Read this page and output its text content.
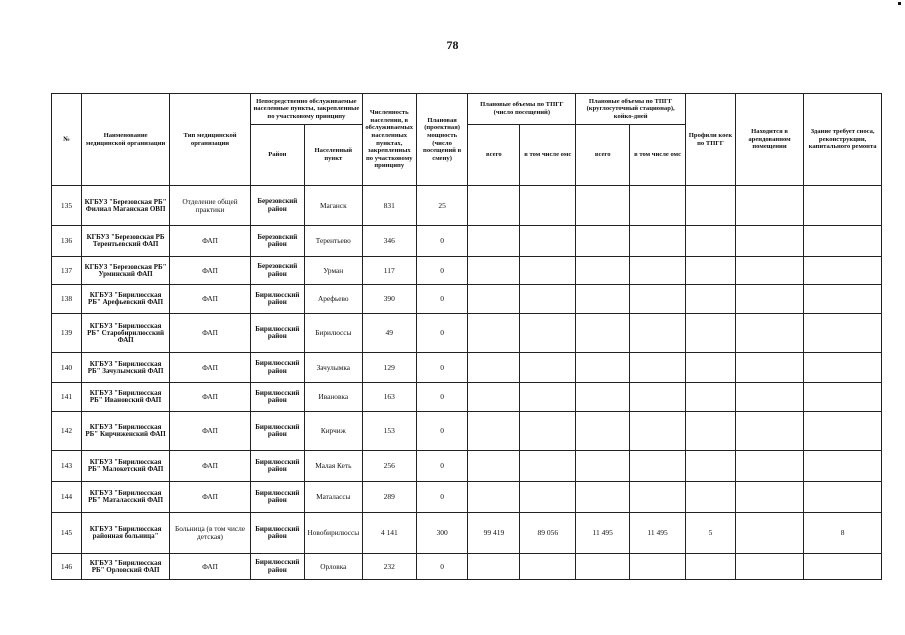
78
№	Наименование медицинской организации	Тип медицинской организации	Непосредственно обслуживаемые населенные пункты, закрепленные по участковому принципу		Численность населения, в обслуживаемых населенных пунктах, закрепленных по участковому принципу	Плановая (проектная) мощность (число посещений в смену)	Плановые объемы по ТПГГ (число посещений)		Плановые объемы по ТПГГ (круглосуточный стационар), койко-дней		Профили коек по ТПГГ	Находится в арендованном помещении	Здание требует сноса, реконструкции, капитального ремонта
			Район	Населенный пункт			всего	в том числе омс	всего	в том числе омс			
135	КГБУЗ "Березовская РБ" Филиал Маганская ОВП	Отделение общей практики	Березовский район	Маганск	831	25							
136	КГБУЗ "Березовская РБ Терентьевский ФАП	ФАП	Березовский район	Терентьево	346	0							
137	КГБУЗ "Березовская РБ" Урминский ФАП	ФАП	Березовский район	Урман	117	0							
138	КГБУЗ "Бирилюсская РБ" Арефьевский ФАП	ФАП	Бирилюсский район	Арефьево	390	0							
139	КГБУЗ "Бирилюсская РБ" Старобирилюсский ФАП	ФАП	Бирилюсский район	Бирилюссы	49	0							
140	КГБУЗ "Бирилюсская РБ" Зачулымский ФАП	ФАП	Бирилюсский район	Зачулымка	129	0							
141	КГБУЗ "Бирилюсская РБ" Ивановский ФАП	ФАП	Бирилюсский район	Ивановка	163	0							
142	КГБУЗ "Бирилюсская РБ" Кирчиженский ФАП	ФАП	Бирилюсский район	Кирчиж	153	0							
143	КГБУЗ "Бирилюсская РБ" Малокетский ФАП	ФАП	Бирилюсский район	Малая Кеть	256	0							
144	КГБУЗ "Бирилюсская РБ" Маталасский ФАП	ФАП	Бирилюсский район	Маталассы	289	0							
145	КГБУЗ "Бирилюсская районная больница"	Больница (в том числе детская)	Бирилюсский район	Новобирилюссы	4 141	300	99 419	89 056	11 495	11 495	5		8
146	КГБУЗ "Бирилюсская РБ" Орловский ФАП	ФАП	Бирилюсский район	Орловка	232	0							
